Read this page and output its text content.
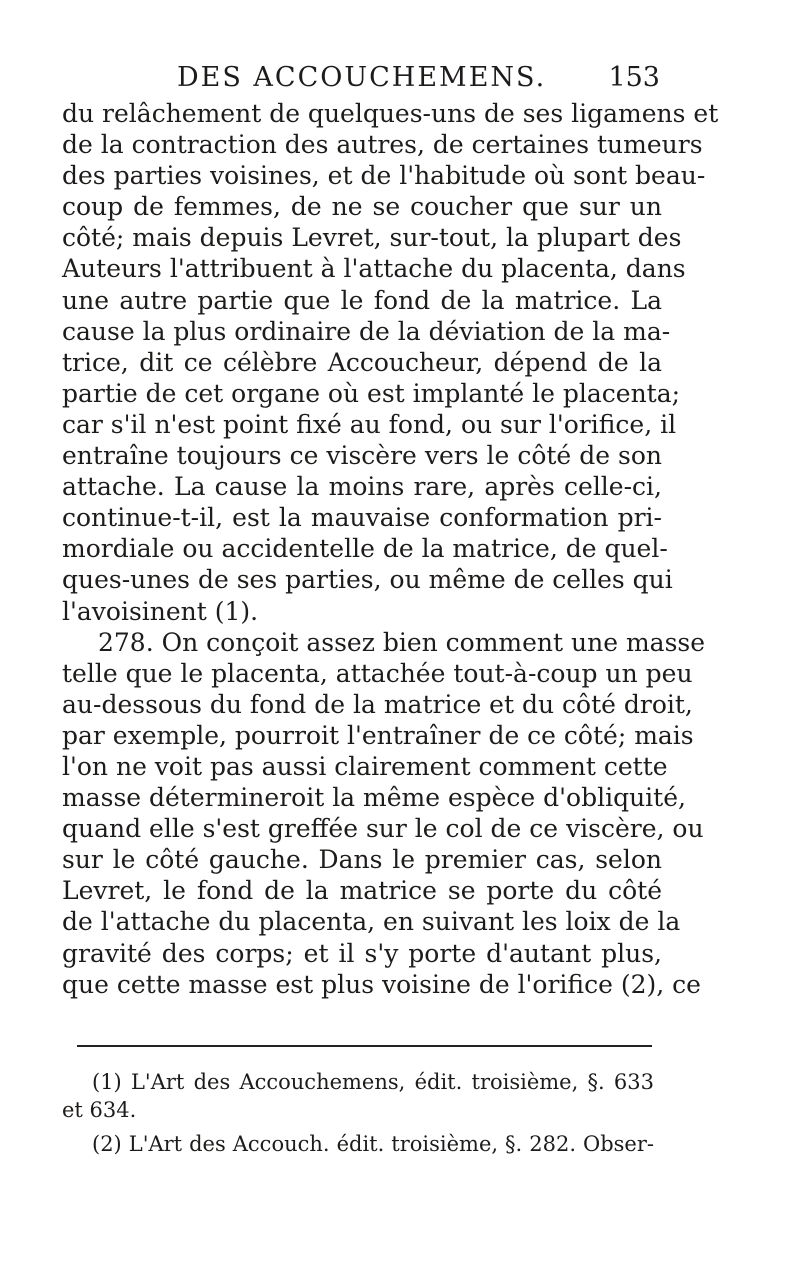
DES ACCOUCHEMENS. 153
du relâchement de quelques-uns de ses ligamens et
de la contraction des autres, de certaines tumeurs
des parties voisines, et de l'habitude où sont beau-
coup de femmes, de ne se coucher que sur un
côté; mais depuis Levret, sur-tout, la plupart des
Auteurs l'attribuent à l'attache du placenta, dans
une autre partie que le fond de la matrice. La
cause la plus ordinaire de la déviation de la ma-
trice, dit ce célèbre Accoucheur, dépend de la
partie de cet organe où est implanté le placenta;
car s'il n'est point fixé au fond, ou sur l'orifice, il
entraîne toujours ce viscère vers le côté de son
attache. La cause la moins rare, après celle-ci,
continue-t-il, est la mauvaise conformation pri-
mordiale ou accidentelle de la matrice, de quel-
ques-unes de ses parties, ou même de celles qui
l'avoisinent (1).
278. On conçoit assez bien comment une masse
telle que le placenta, attachée tout-à-coup un peu
au-dessous du fond de la matrice et du côté droit,
par exemple, pourroit l'entraîner de ce côté; mais
l'on ne voit pas aussi clairement comment cette
masse détermineroit la même espèce d'obliquité,
quand elle s'est greffée sur le col de ce viscère, ou
sur le côté gauche. Dans le premier cas, selon
Levret, le fond de la matrice se porte du côté
de l'attache du placenta, en suivant les loix de la
gravité des corps; et il s'y porte d'autant plus,
que cette masse est plus voisine de l'orifice (2), ce
(1) L'Art des Accouchemens, édit. troisième, §. 633
et 634.
(2) L'Art des Accouch. édit. troisième, §. 282. Obser-
